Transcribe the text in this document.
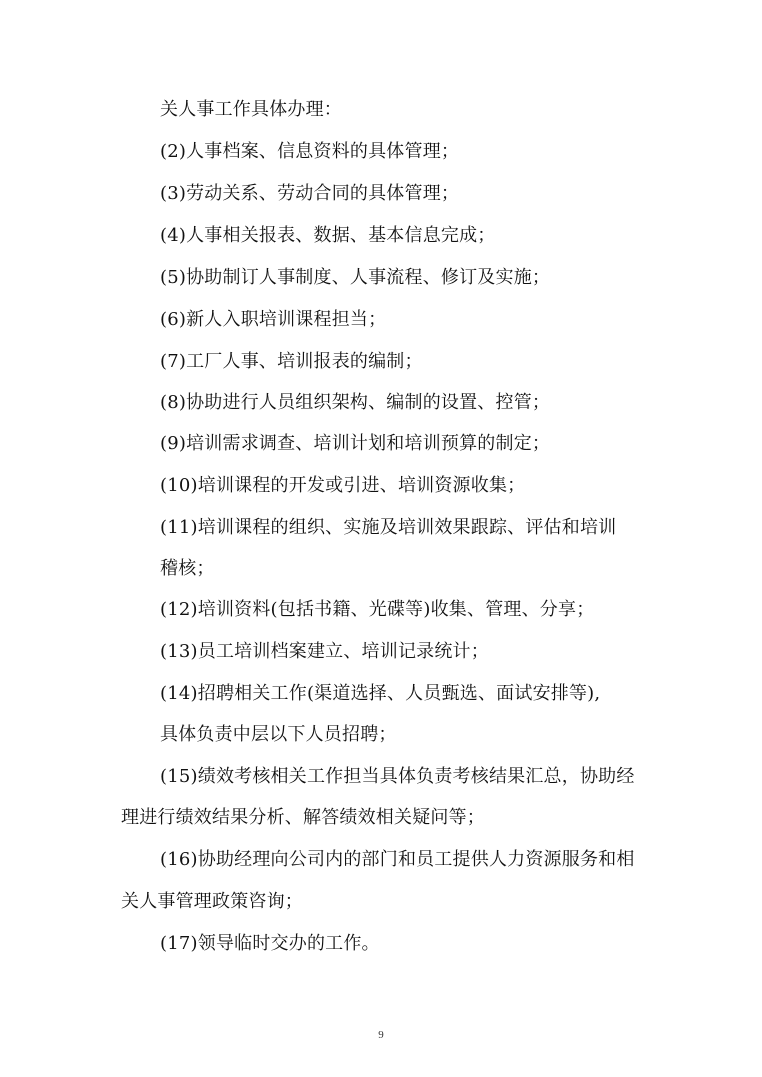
关人事工作具体办理：
(2)人事档案、信息资料的具体管理；
(3)劳动关系、劳动合同的具体管理；
(4)人事相关报表、数据、基本信息完成；
(5)协助制订人事制度、人事流程、修订及实施；
(6)新人入职培训课程担当；
(7)工厂人事、培训报表的编制；
(8)协助进行人员组织架构、编制的设置、控管；
(9)培训需求调查、培训计划和培训预算的制定；
(10)培训课程的开发或引进、培训资源收集；
(11)培训课程的组织、实施及培训效果跟踪、评估和培训
稽核；
(12)培训资料(包括书籍、光碟等)收集、管理、分享；
(13)员工培训档案建立、培训记录统计；
(14)招聘相关工作(渠道选择、人员甄选、面试安排等),
具体负责中层以下人员招聘；
(15)绩效考核相关工作担当具体负责考核结果汇总，协助经
理进行绩效结果分析、解答绩效相关疑问等；
(16)协助经理向公司内的部门和员工提供人力资源服务和相
关人事管理政策咨询；
(17)领导临时交办的工作。
9
